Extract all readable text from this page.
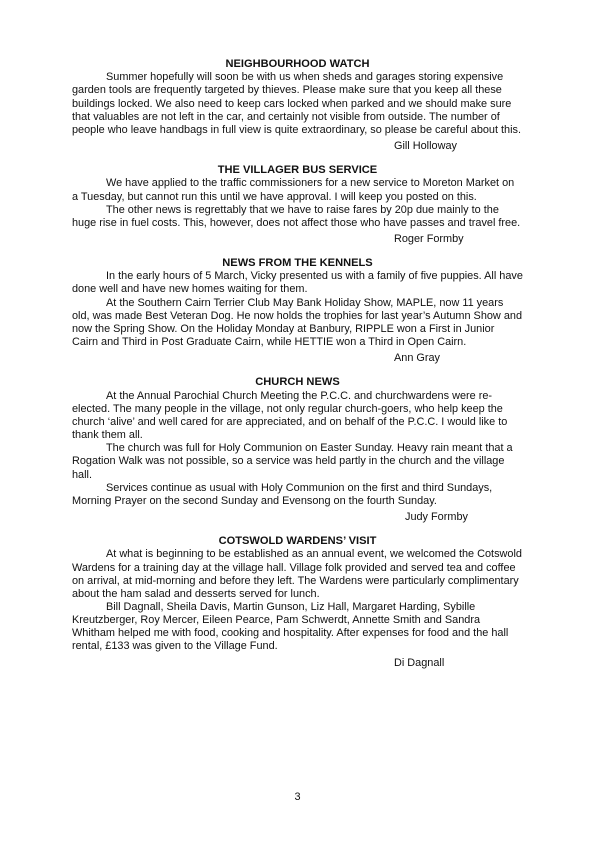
NEIGHBOURHOOD WATCH

Summer hopefully will soon be with us when sheds and garages storing expensive garden tools are frequently targeted by thieves. Please make sure that you keep all these buildings locked. We also need to keep cars locked when parked and we should make sure that valuables are not left in the car, and certainly not visible from outside. The number of people who leave handbags in full view is quite extraordinary, so please be careful about this.

Gill Holloway

THE VILLAGER BUS SERVICE

We have applied to the traffic commissioners for a new service to Moreton Market on a Tuesday, but cannot run this until we have approval. I will keep you posted on this.

The other news is regrettably that we have to raise fares by 20p due mainly to the huge rise in fuel costs. This, however, does not affect those who have passes and travel free.

Roger Formby

NEWS FROM THE KENNELS

In the early hours of 5 March, Vicky presented us with a family of five puppies. All have done well and have new homes waiting for them.

At the Southern Cairn Terrier Club May Bank Holiday Show, MAPLE, now 11 years old, was made Best Veteran Dog. He now holds the trophies for last year’s Autumn Show and now the Spring Show. On the Holiday Monday at Banbury, RIPPLE won a First in Junior Cairn and Third in Post Graduate Cairn, while HETTIE won a Third in Open Cairn.

Ann Gray

CHURCH NEWS

At the Annual Parochial Church Meeting the P.C.C. and churchwardens were re-elected. The many people in the village, not only regular church-goers, who help keep the church ‘alive’ and well cared for are appreciated, and on behalf of the P.C.C. I would like to thank them all.

The church was full for Holy Communion on Easter Sunday. Heavy rain meant that a Rogation Walk was not possible, so a service was held partly in the church and the village hall.

Services continue as usual with Holy Communion on the first and third Sundays, Morning Prayer on the second Sunday and Evensong on the fourth Sunday.

Judy Formby

COTSWOLD WARDENS’ VISIT

At what is beginning to be established as an annual event, we welcomed the Cotswold Wardens for a training day at the village hall. Village folk provided and served tea and coffee on arrival, at mid-morning and before they left. The Wardens were particularly complimentary about the ham salad and desserts served for lunch.

Bill Dagnall, Sheila Davis, Martin Gunson, Liz Hall, Margaret Harding, Sybille Kreutzberger, Roy Mercer, Eileen Pearce, Pam Schwerdt, Annette Smith and Sandra Whitham helped me with food, cooking and hospitality. After expenses for food and the hall rental, £133 was given to the Village Fund.

Di Dagnall

3
